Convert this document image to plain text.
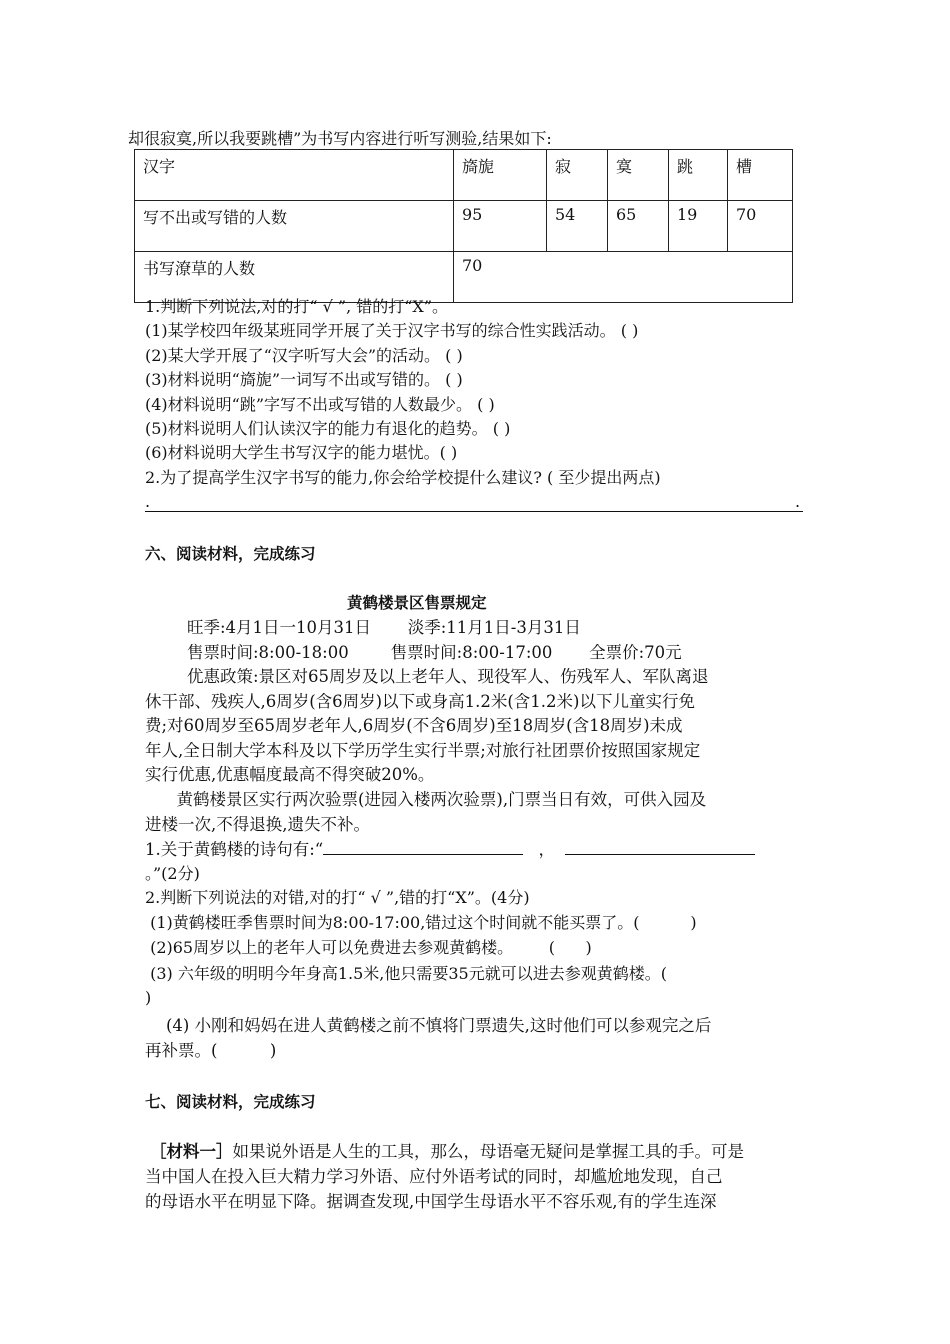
却很寂寞,所以我要跳槽”为书写内容进行听写测验,结果如下:
汉字	旖旎	寂	寞	跳	槽
写不出或写错的人数	95	54	65	19	70
书写潦草的人数	70				
1.判断下列说法,对的打“ √ ”, 错的打“X”。
(1)某学校四年级某班同学开展了关于汉字书写的综合性实践活动。 ( )
(2)某大学开展了“汉字听写大会”的活动。 ( )
(3)材料说明“旖旎”一词写不出或写错的。 ( )
(4)材料说明“跳”字写不出或写错的人数最少。 ( )
(5)材料说明人们认读汉字的能力有退化的趋势。 ( )
(6)材料说明大学生书写汉字的能力堪忧。( )
2.为了提高学生汉字书写的能力,你会给学校提什么建议? ( 至少提出两点)
.	.
六、阅读材料，完成练习
黄鹤楼景区售票规定
旺季:4月1日一10月31日       淡季:11月1日-3月31日
售票时间:8:00-18:00        售票时间:8:00-17:00       全票价:70元
优惠政策:景区对65周岁及以上老年人、现役军人、伤残军人、军队离退
休干部、残疾人,6周岁(含6周岁)以下或身高1.2米(含1.2米)以下儿童实行免
费;对60周岁至65周岁老年人,6周岁(不含6周岁)至18周岁(含18周岁)未成
年人,全日制大学本科及以下学历学生实行半票;对旅行社团票价按照国家规定
实行优惠,优惠幅度最高不得突破20%。
黄鹤楼景区实行两次验票(进园入楼两次验票),门票当日有效，可供入园及
进楼一次,不得退换,遗失不补。
1.关于黄鹤楼的诗句有:“	，
。”(2分)
2.判断下列说法的对错,对的打“ √ ”,错的打“X”。(4分)
(1)黄鹤楼旺季售票时间为8:00-17:00,错过这个时间就不能买票了。(          )
(2)65周岁以上的老年人可以免费进去参观黄鹤楼。       (      )
(3) 六年级的明明今年身高1.5米,他只需要35元就可以进去参观黄鹤楼。(
)
(4) 小刚和妈妈在进人黄鹤楼之前不慎将门票遗失,这时他们可以参观完之后
再补票。(          )
七、阅读材料，完成练习
［材料一］如果说外语是人生的工具，那么，母语毫无疑问是掌握工具的手。可是
当中国人在投入巨大精力学习外语、应付外语考试的同时，却尴尬地发现，自己
的母语水平在明显下降。据调查发现,中国学生母语水平不容乐观,有的学生连深
